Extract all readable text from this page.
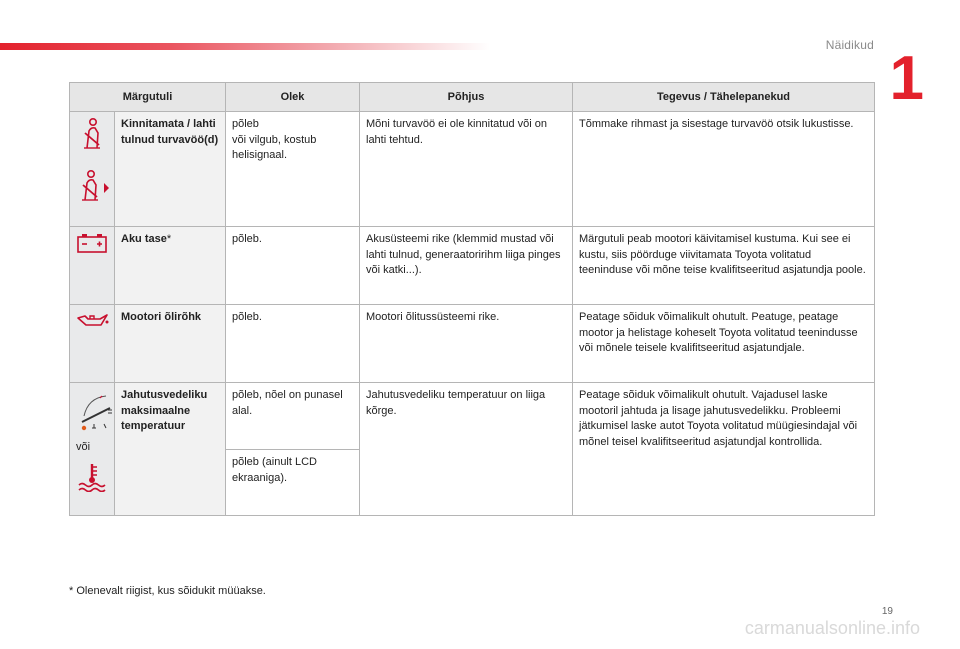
Näidikud 1
Märgutuli		Olek	Põhjus	Tegevus / Tähelepanekud

	Kinnitamata / lahti tulnud turvavöö(d)	põleb
või vilgub, kostub helisignaal.	Mõni turvavöö ei ole kinnitatud või on lahti tehtud.	Tõmmake rihmast ja sisestage turvavöö otsik lukustisse.

	Aku tase*	põleb.	Akusüsteemi rike (klemmid mustad või lahti tulnud, generaatoririhm liiga pinges või katki...).	Märgutuli peab mootori käivitamisel kustuma. Kui see ei kustu, siis pöörduge viivitamata Toyota volitatud teeninduse või mõne teise kvalifitseeritud asjatundja poole.

	Mootori õlirõhk	põleb.	Mootori õlitussüsteemi rike.	Peatage sõiduk võimalikult ohutult. Peatuge, peatage mootor ja helistage koheselt Toyota volitatud teenindusse või mõnele teisele kvalifitseeritud asjatundjale.

või	Jahutusvedeliku maksimaalne temperatuur	põleb, nõel on punasel alal.	Jahutusvedeliku temperatuur on liiga kõrge.	Peatage sõiduk võimalikult ohutult. Vajadusel laske mootoril jahtuda ja lisage jahutusvedelikku. Probleemi jätkumisel laske autot Toyota volitatud müügiesindajal või mõnel teisel kvalifitseeritud asjatundjal kontrollida.
		põleb (ainult LCD ekraaniga).		
* Olenevalt riigist, kus sõidukit müüakse.
19
carmanualsonline.info
